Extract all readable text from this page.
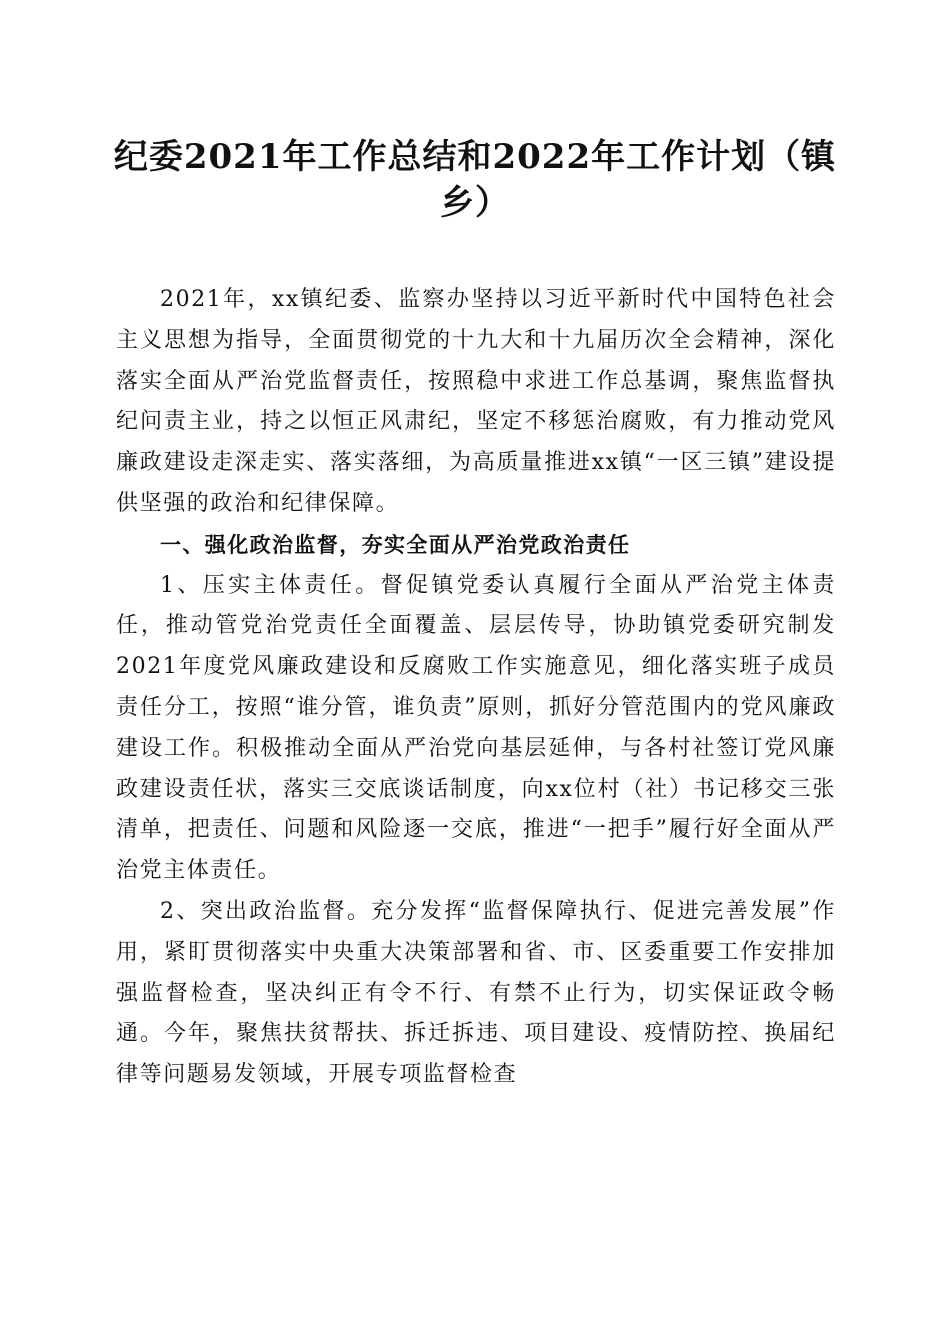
纪委2021年工作总结和2022年工作计划（镇乡）

2021年，xx镇纪委、监察办坚持以习近平新时代中国特色社会主义思想为指导，全面贯彻党的十九大和十九届历次全会精神，深化落实全面从严治党监督责任，按照稳中求进工作总基调，聚焦监督执纪问责主业，持之以恒正风肃纪，坚定不移惩治腐败，有力推动党风廉政建设走深走实、落实落细，为高质量推进xx镇“一区三镇”建设提供坚强的政治和纪律保障。

一、强化政治监督，夯实全面从严治党政治责任

1、压实主体责任。督促镇党委认真履行全面从严治党主体责任，推动管党治党责任全面覆盖、层层传导，协助镇党委研究制发2021年度党风廉政建设和反腐败工作实施意见，细化落实班子成员责任分工，按照“谁分管，谁负责”原则，抓好分管范围内的党风廉政建设工作。积极推动全面从严治党向基层延伸，与各村社签订党风廉政建设责任状，落实三交底谈话制度，向xx位村（社）书记移交三张清单，把责任、问题和风险逐一交底，推进“一把手”履行好全面从严治党主体责任。

2、突出政治监督。充分发挥“监督保障执行、促进完善发展”作用，紧盯贯彻落实中央重大决策部署和省、市、区委重要工作安排加强监督检查，坚决纠正有令不行、有禁不止行为，切实保证政令畅通。今年，聚焦扶贫帮扶、拆迁拆违、项目建设、疫情防控、换届纪律等问题易发领域，开展专项监督检查
